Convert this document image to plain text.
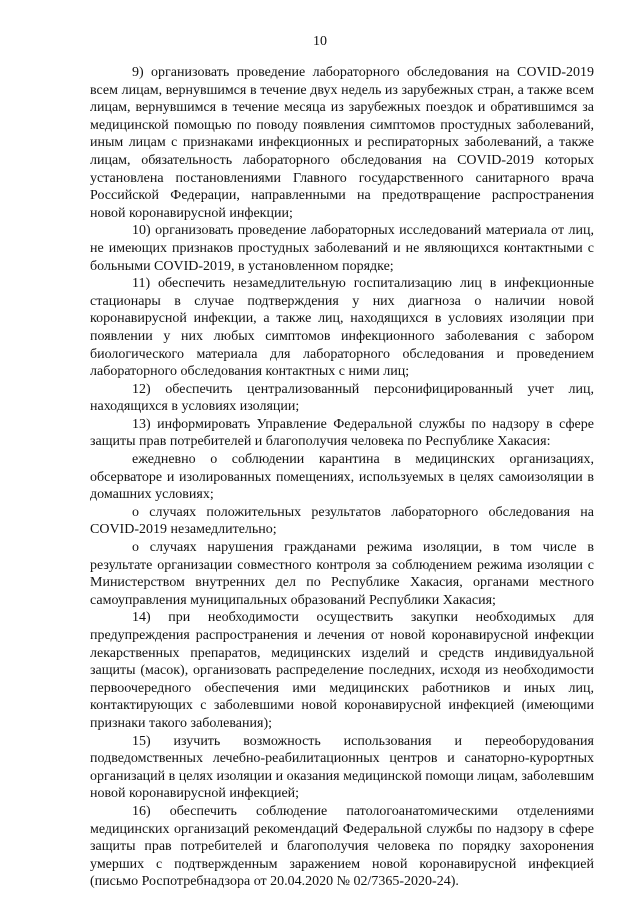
10

9) организовать проведение лабораторного обследования на COVID-2019 всем лицам, вернувшимся в течение двух недель из зарубежных стран, а также всем лицам, вернувшимся в течение месяца из зарубежных поездок и обратившимся за медицинской помощью по поводу появления симптомов простудных заболеваний, иным лицам с признаками инфекционных и респираторных заболеваний, а также лицам, обязательность лабораторного обследования на COVID-2019 которых установлена постановлениями Главного государственного санитарного врача Российской Федерации, направленными на предотвращение распространения новой коронавирусной инфекции;

10) организовать проведение лабораторных исследований материала от лиц, не имеющих признаков простудных заболеваний и не являющихся контактными с больными COVID-2019, в установленном порядке;

11) обеспечить незамедлительную госпитализацию лиц в инфекционные стационары в случае подтверждения у них диагноза о наличии новой коронавирусной инфекции, а также лиц, находящихся в условиях изоляции при появлении у них любых симптомов инфекционного заболевания с забором биологического материала для лабораторного обследования и проведением лабораторного обследования контактных с ними лиц;

12) обеспечить централизованный персонифицированный учет лиц, находящихся в условиях изоляции;

13) информировать Управление Федеральной службы по надзору в сфере защиты прав потребителей и благополучия человека по Республике Хакасия:

ежедневно о соблюдении карантина в медицинских организациях, обсерваторе и изолированных помещениях, используемых в целях самоизоляции в домашних условиях;

о случаях положительных результатов лабораторного обследования на COVID-2019 незамедлительно;

о случаях нарушения гражданами режима изоляции, в том числе в результате организации совместного контроля за соблюдением режима изоляции с Министерством внутренних дел по Республике Хакасия, органами местного самоуправления муниципальных образований Республики Хакасия;

14) при необходимости осуществить закупки необходимых для предупреждения распространения и лечения от новой коронавирусной инфекции лекарственных препаратов, медицинских изделий и средств индивидуальной защиты (масок), организовать распределение последних, исходя из необходимости первоочередного обеспечения ими медицинских работников и иных лиц, контактирующих с заболевшими новой коронавирусной инфекцией (имеющими признаки такого заболевания);

15) изучить возможность использования и переоборудования подведомственных лечебно-реабилитационных центров и санаторно-курортных организаций в целях изоляции и оказания медицинской помощи лицам, заболевшим новой коронавирусной инфекцией;

16) обеспечить соблюдение патологоанатомическими отделениями медицинских организаций рекомендаций Федеральной службы по надзору в сфере защиты прав потребителей и благополучия человека по порядку захоронения умерших с подтвержденным заражением новой коронавирусной инфекцией (письмо Роспотребнадзора от 20.04.2020 № 02/7365-2020-24).
